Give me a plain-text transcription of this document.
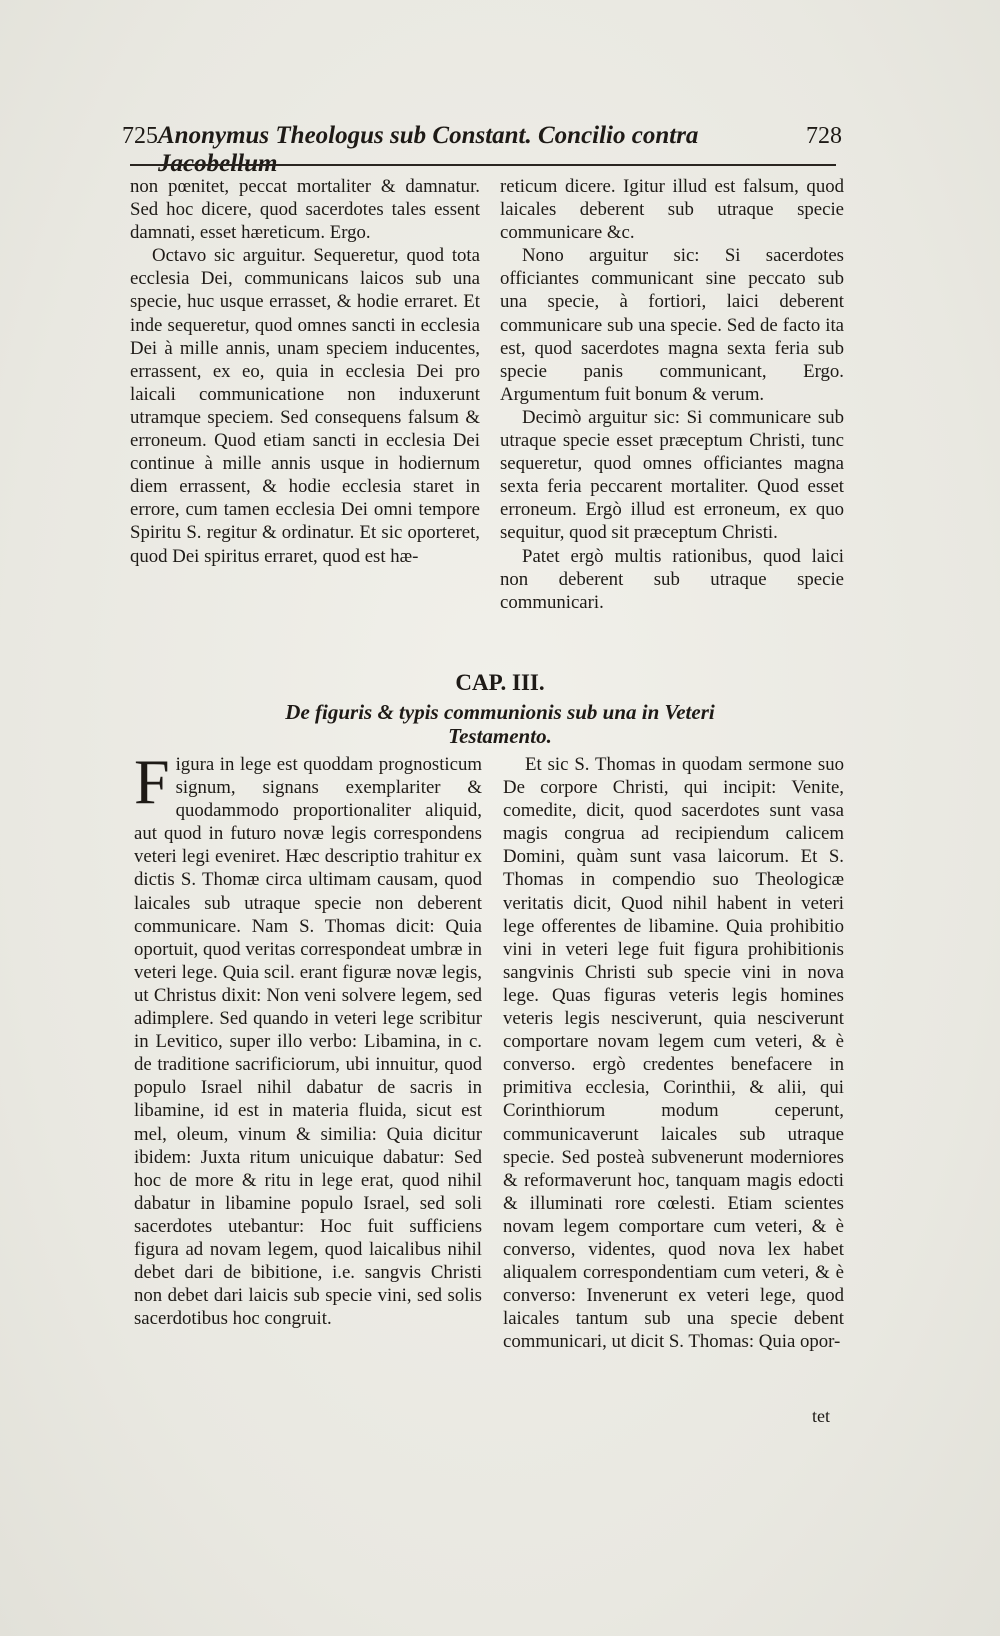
725 Anonymus Theologus sub Constant. Concilio contra Jacobellum
728

non pœnitet, peccat mortaliter & damnatur. Sed hoc dicere, quod sacerdotes tales essent damnati, esset hæreticum. Ergo.

Octavo sic arguitur. Sequeretur, quod tota ecclesia Dei, communicans laicos sub una specie, huc usque errasset, & hodie erraret. Et inde sequeretur, quod omnes sancti in ecclesia Dei à mille annis, unam speciem inducentes, errassent, ex eo, quia in ecclesia Dei pro laicali communicatione non induxerunt utramque speciem. Sed consequens falsum & erroneum. Quod etiam sancti in ecclesia Dei continue à mille annis usque in hodiernum diem errassent, & hodie ecclesia staret in errore, cum tamen ecclesia Dei omni tempore Spiritu S. regitur & ordinatur. Et sic oporteret, quod Dei spiritus erraret, quod est hæ-

reticum dicere. Igitur illud est falsum, quod laicales deberent sub utraque specie communicare &c.

Nono arguitur sic: Si sacerdotes officiantes communicant sine peccato sub una specie, à fortiori, laici deberent communicare sub una specie. Sed de facto ita est, quod sacerdotes magna sexta feria sub specie panis communicant, Ergo. Argumentum fuit bonum & verum.

Decimò arguitur sic: Si communicare sub utraque specie esset præceptum Christi, tunc sequeretur, quod omnes officiantes magna sexta feria peccarent mortaliter. Quod esset erroneum. Ergò illud est erroneum, ex quo sequitur, quod sit præceptum Christi.

Patet ergò multis rationibus, quod laici non deberent sub utraque specie communicari.

CAP. III.
De figuris & typis communionis sub una in Veteri
Testamento.

Figura in lege est quoddam prognosticum signum, signans exemplariter & quodammodo proportionaliter aliquid, aut quod in futuro novæ legis correspondens veteri legi eveniret. Hæc descriptio trahitur ex dictis S. Thomæ circa ultimam causam, quod laicales sub utraque specie non deberent communicare. Nam S. Thomas dicit: Quia oportuit, quod veritas correspondeat umbræ in veteri lege. Quia scil. erant figuræ novæ legis, ut Christus dixit: Non veni solvere legem, sed adimplere. Sed quando in veteri lege scribitur in Levitico, super illo verbo: Libamina, in c. de traditione sacrificiorum, ubi innuitur, quod populo Israel nihil dabatur de sacris in libamine, id est in materia fluida, sicut est mel, oleum, vinum & similia: Quia dicitur ibidem: Juxta ritum unicuique dabatur: Sed hoc de more & ritu in lege erat, quod nihil dabatur in libamine populo Israel, sed soli sacerdotes utebantur: Hoc fuit sufficiens figura ad novam legem, quod laicalibus nihil debet dari de bibitione, i.e. sangvis Christi non debet dari laicis sub specie vini, sed solis sacerdotibus hoc congruit.

Et sic S. Thomas in quodam sermone suo De corpore Christi, qui incipit: Venite, comedite, dicit, quod sacerdotes sunt vasa magis congrua ad recipiendum calicem Domini, quàm sunt vasa laicorum. Et S. Thomas in compendio suo Theologicæ veritatis dicit, Quod nihil habent in veteri lege offerentes de libamine. Quia prohibitio vini in veteri lege fuit figura prohibitionis sangvinis Christi sub specie vini in nova lege. Quas figuras veteris legis homines veteris legis nesciverunt, quia nesciverunt comportare novam legem cum veteri, & è converso. ergò credentes benefacere in primitiva ecclesia, Corinthii, & alii, qui Corinthiorum modum ceperunt, communicaverunt laicales sub utraque specie. Sed posteà subvenerunt moderniores & reformaverunt hoc, tanquam magis edocti & illuminati rore cœlesti. Etiam scientes novam legem comportare cum veteri, & è converso, videntes, quod nova lex habet aliqualem correspondentiam cum veteri, & è converso: Invenerunt ex veteri lege, quod laicales tantum sub una specie debent communicari, ut dicit S. Thomas: Quia opor-

tet
